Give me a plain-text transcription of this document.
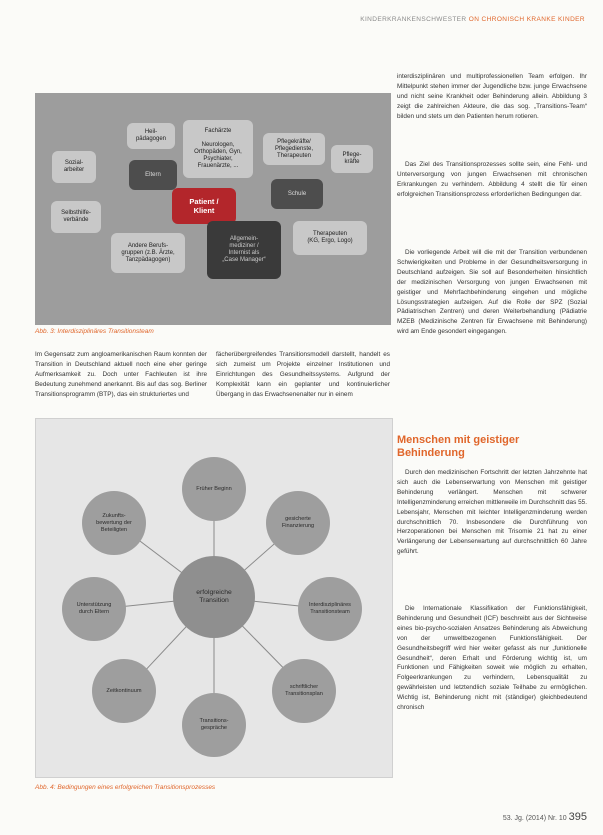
KINDERKRANKENSCHWESTER ON CHRONISCH KRANKE KINDER
Heil-
pädagogen
Fachärzte

Neurologen,
Orthopäden, Gyn,
Psychiater,
Frauenärzte, ...
Pflegekräfte/
Pflegedienste,
Therapeuten	Pflege-
kräfte
Sozial-
arbeiter
Eltern
Patient /
Klient
Schule
Selbsthilfe-
verbände
Andere Berufs-
gruppen (z.B. Ärzte,
Tanzpädagogen)
Allgemein-
mediziner /
Internist als
„Case Manager“
Therapeuten
(KG, Ergo, Logo)
Abb. 3: Interdisziplinäres Transitionsteam
Im Gegensatz zum angloamerikanischen Raum konnten der Transition in Deutschland aktuell noch eine eher geringe Aufmerksamkeit zu. Doch unter Fachleuten ist ihre Bedeutung zunehmend anerkannt. Bis auf das sog. Berliner Transitionsprogramm (BTP), das ein strukturiertes und
fächerübergreifendes Transitionsmodell darstellt, handelt es sich zumeist um Projekte einzelner Institutionen und Einrichtungen des Gesundheitssystems. Aufgrund der Komplexität kann ein geplanter und kontinuierlicher Übergang in das Erwachsenenalter nur in einem
Früher Beginn
gesicherte
Finanzierung
Interdisziplinäres
Transitionsteam
schriftlicher
Transitionsplan
Transitions-
gespräche
Zeitkontinuum
Unterstützung
durch Eltern
Zukunfts-
bewertung der
Beteiligten
erfolgreiche
Transition
Abb. 4: Bedingungen eines erfolgreichen Transitionsprozesses
interdisziplinären und multiprofessionellen Team erfolgen. Ihr Mittelpunkt stehen immer der Jugendliche bzw. junge Erwachsene und nicht seine Krankheit oder Behinderung allein. Abbildung 3 zeigt die zahlreichen Akteure, die das sog. „Transitions-Team“ bilden und stets um den Patienten herum rotieren.
Das Ziel des Transitionsprozesses sollte sein, eine Fehl- und Unterversorgung von jungen Erwachsenen mit chronischen Erkrankungen zu verhindern. Abbildung 4 stellt die für einen erfolgreichen Transitionsprozess erforderlichen Bedingungen dar.
Die vorliegende Arbeit will die mit der Transition verbundenen Schwierigkeiten und Probleme in der Gesundheitsversorgung in Deutschland aufzeigen. Sie soll auf Besonderheiten hinsichtlich der medizinischen Versorgung von jungen Erwachsenen mit geistiger und Mehrfachbehinderung eingehen und mögliche Lösungsstrategien aufzeigen. Auf die Rolle der SPZ (Sozial Pädiatrischen Zentren) und deren Weiterbehandlung (Pädiatrie MZEB (Medizinische Zentren für Erwachsene mit Behinderung) wird am Ende gesondert eingegangen.
Menschen mit geistiger Behinderung
Durch den medizinischen Fortschritt der letzten Jahrzehnte hat sich auch die Lebenserwartung von Menschen mit geistiger Behinderung verlängert. Menschen mit schwerer Intelligenzminderung erreichen mittlerweile im Durchschnitt das 55. Lebensjahr, Menschen mit leichter Intelligenzminderung werden durchschnittlich 70. Insbesondere die Durchführung von Herzoperationen bei Menschen mit Trisomie 21 hat zu einer Verlängerung der Lebenserwartung auf durchschnittlich 60 Jahre geführt.
Die Internationale Klassifikation der Funktionsfähigkeit, Behinderung und Gesundheit (ICF) beschreibt aus der Sichtweise eines bio-psycho-sozialen Ansatzes Behinderung als Abweichung von der umweltbezogenen Funktionsfähigkeit. Der Gesundheitsbegriff wird hier weiter gefasst als nur „funktionelle Gesundheit“, deren Erhalt und Förderung wichtig ist, um Funktionen und Fähigkeiten soweit wie möglich zu erhalten, Folgeerkrankungen zu verhindern, Lebensqualität zu gewährleisten und letztendlich soziale Teilhabe zu ermöglichen. Wichtig ist, Behinderung nicht mit (ständiger) gleichbedeutend chronisch
53. Jg. (2014) Nr. 10 395
